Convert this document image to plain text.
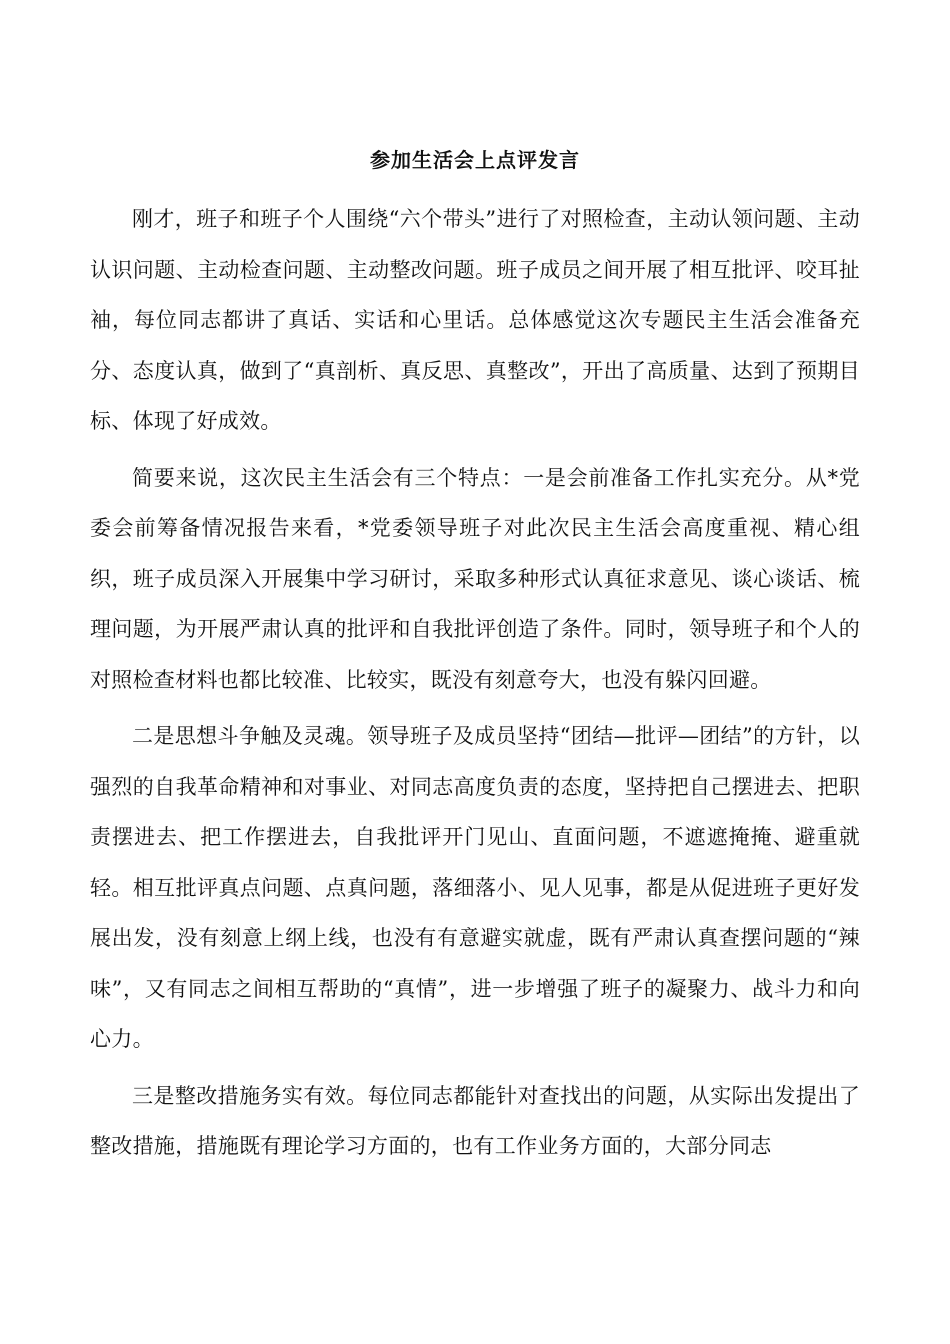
参加生活会上点评发言

刚才，班子和班子个人围绕“六个带头”进行了对照检查，主动认领问题、主动认识问题、主动检查问题、主动整改问题。班子成员之间开展了相互批评、咬耳扯袖，每位同志都讲了真话、实话和心里话。总体感觉这次专题民主生活会准备充分、态度认真，做到了“真剖析、真反思、真整改”，开出了高质量、达到了预期目标、体现了好成效。

简要来说，这次民主生活会有三个特点：一是会前准备工作扎实充分。从*党委会前筹备情况报告来看，*党委领导班子对此次民主生活会高度重视、精心组织，班子成员深入开展集中学习研讨，采取多种形式认真征求意见、谈心谈话、梳理问题，为开展严肃认真的批评和自我批评创造了条件。同时，领导班子和个人的对照检查材料也都比较准、比较实，既没有刻意夸大，也没有躲闪回避。

二是思想斗争触及灵魂。领导班子及成员坚持“团结—批评—团结”的方针，以强烈的自我革命精神和对事业、对同志高度负责的态度，坚持把自己摆进去、把职责摆进去、把工作摆进去，自我批评开门见山、直面问题，不遮遮掩掩、避重就轻。相互批评真点问题、点真问题，落细落小、见人见事，都是从促进班子更好发展出发，没有刻意上纲上线，也没有有意避实就虚，既有严肃认真查摆问题的“辣味”，又有同志之间相互帮助的“真情”，进一步增强了班子的凝聚力、战斗力和向心力。

三是整改措施务实有效。每位同志都能针对查找出的问题，从实际出发提出了整改措施，措施既有理论学习方面的，也有工作业务方面的，大部分同志
